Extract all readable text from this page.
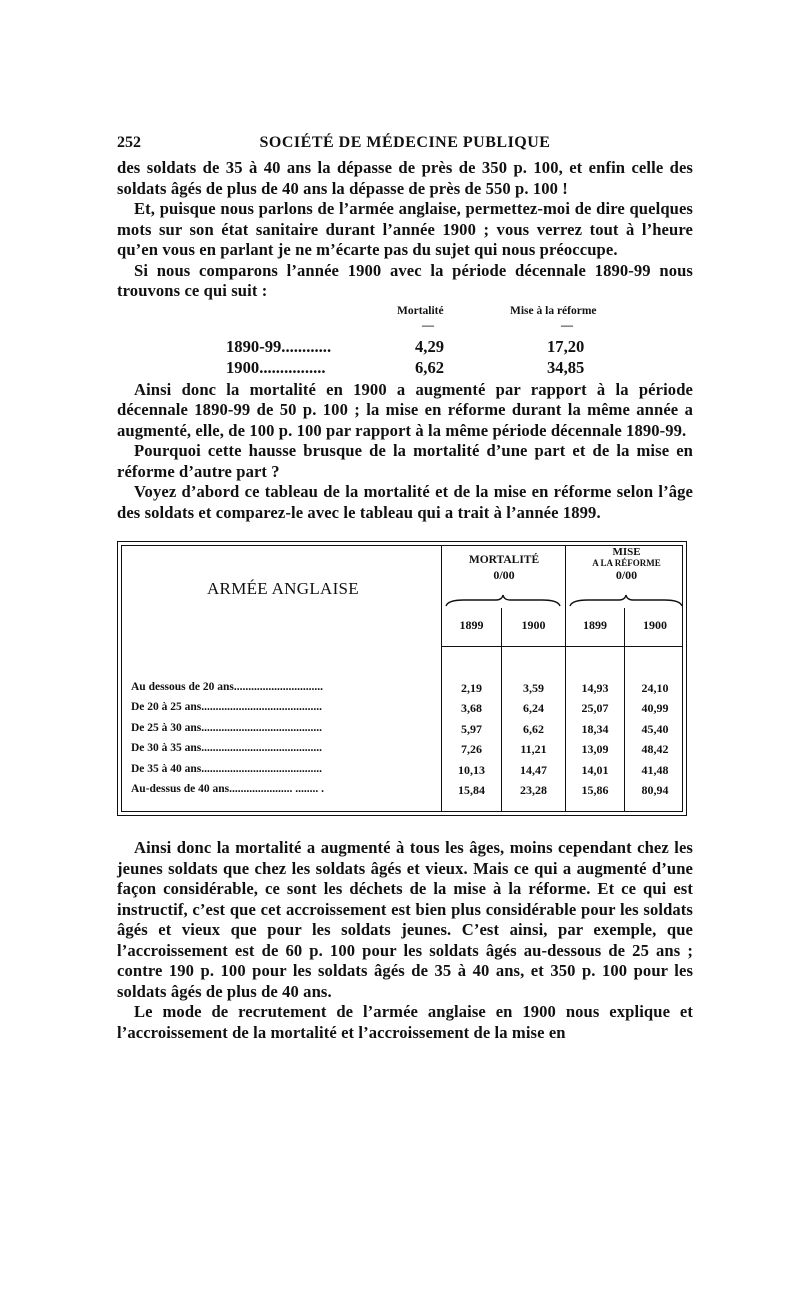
252	SOCIÉTÉ DE MÉDECINE PUBLIQUE

des soldats de 35 à 40 ans la dépasse de près de 350 p. 100, et enfin celle des soldats âgés de plus de 40 ans la dépasse de près de 550 p. 100 !

Et, puisque nous parlons de l’armée anglaise, permettez-moi de dire quelques mots sur son état sanitaire durant l’année 1900 ; vous verrez tout à l’heure qu’en vous en parlant je ne m’écarte pas du sujet qui nous préoccupe.

Si nous comparons l’année 1900 avec la période décennale 1890-99 nous trouvons ce qui suit :

Mortalité	Mise à la réforme
—	—
1890-99............	4,29	17,20
1900................	6,62	34,85

Ainsi donc la mortalité en 1900 a augmenté par rapport à la période décennale 1890-99 de 50 p. 100 ; la mise en réforme durant la même année a augmenté, elle, de 100 p. 100 par rapport à la même période décennale 1890-99.

Pourquoi cette hausse brusque de la mortalité d’une part et de la mise en réforme d’autre part ?

Voyez d’abord ce tableau de la mortalité et de la mise en réforme selon l’âge des soldats et comparez-le avec le tableau qui a trait à l’année 1899.

ARMÉE ANGLAISE
MORTALITÉ
0/00
MISE
A LA RÉFORME
0/00
1899	1900	1899	1900
Au dessous de 20 ans...............................	2,19	3,59	14,93	24,10
De 20 à 25 ans..........................................	3,68	6,24	25,07	40,99
De 25 à 30 ans..........................................	5,97	6,62	18,34	45,40
De 30 à 35 ans..........................................	7,26	11,21	13,09	48,42
De 35 à 40 ans..........................................	10,13	14,47	14,01	41,48
Au-dessus de 40 ans...................... ........ .	15,84	23,28	15,86	80,94

Ainsi donc la mortalité a augmenté à tous les âges, moins cependant chez les jeunes soldats que chez les soldats âgés et vieux. Mais ce qui a augmenté d’une façon considérable, ce sont les déchets de la mise à la réforme. Et ce qui est instructif, c’est que cet accroissement est bien plus considérable pour les soldats âgés et vieux que pour les soldats jeunes. C’est ainsi, par exemple, que l’accroissement est de 60 p. 100 pour les soldats âgés au-dessous de 25 ans ; contre 190 p. 100 pour les soldats âgés de 35 à 40 ans, et 350 p. 100 pour les soldats âgés de plus de 40 ans.

Le mode de recrutement de l’armée anglaise en 1900 nous explique et l’accroissement de la mortalité et l’accroissement de la mise en
